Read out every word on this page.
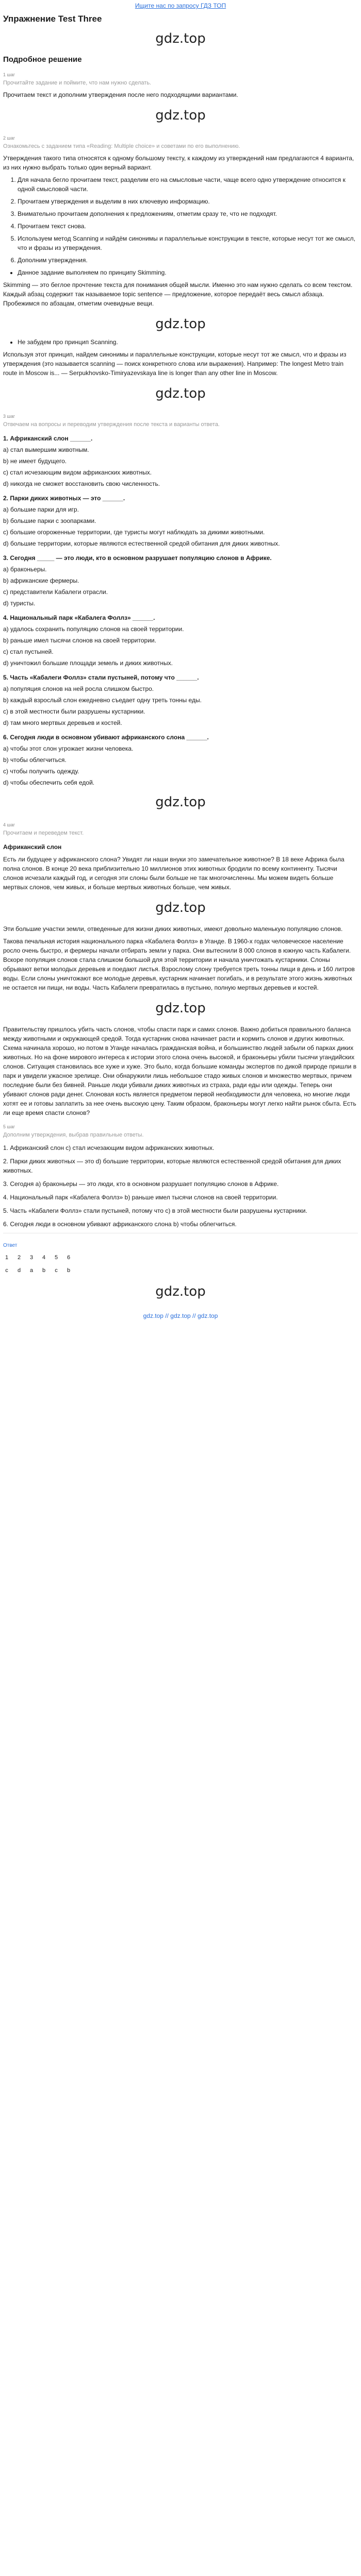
Ищите нас по запросу ГДЗ ТОП
Упражнение Test Three
gdz.top
Подробное решение
1 шаг
Прочитайте задание и поймите, что нам нужно сделать.

Прочитаем текст и дополним утверждения после него подходящими вариантами.

gdz.top
2 шаг
Ознакомьтесь с заданием типа «Reading: Multiple choice» и советами по его выполнению.

Утверждения такого типа относятся к одному большому тексту, к каждому из утверждений нам предлагаются 4 варианта, из них нужно выбрать только один верный вариант.

1. Для начала бегло прочитаем текст, разделим его на смысловые части, чаще всего одно утверждение относится к одной смысловой части.
2. Прочитаем утверждения и выделим в них ключевую информацию.
3. Внимательно прочитаем дополнения к предложениям, отметим сразу те, что не подходят.
4. Прочитаем текст снова.
5. Используем метод Scanning и найдём синонимы и параллельные конструкции в тексте, которые несут тот же смысл, что и фразы из утверждения.
6. Дополним утверждения.
• Данное задание выполняем по принципу Skimming.

Skimming — это беглое прочтение текста для понимания общей мысли. Именно это нам нужно сделать со всем текстом. Каждый абзац содержит так называемое topic sentence — предложение, которое передаёт весь смысл абзаца. Пробежимся по абзацам, отметим очевидные вещи.

gdz.top
• Не забудем про принцип Scanning.

Используя этот принцип, найдем синонимы и параллельные конструкции, которые несут тот же смысл, что и фразы из утверждения (это называется scanning — поиск конкретного слова или выражения). Например: The longest Metro train route in Moscow is... — Serpukhovsko-Timiryazevskaya line is longer than any other line in Moscow.

gdz.top
3 шаг
Отвечаем на вопросы и переводим утверждения после текста и варианты ответа.
1. Африканский слон ______.
a) стал вымершим животным.
b) не имеет будущего.
c) стал исчезающим видом африканских животных.
d) никогда не сможет восстановить свою численность.
2. Парки диких животных — это ______.
a) большие парки для игр.
b) большие парки с зоопарками.
c) большие огороженные территории, где туристы могут наблюдать за дикими животными.
d) большие территории, которые являются естественной средой обитания для диких животных.
3. Сегодня _____ — это люди, кто в основном разрушает популяцию слонов в Африке.
a) браконьеры.
b) африканские фермеры.
c) представители Кабалеги отрасли.
d) туристы.
4. Национальный парк «Кабалега Фоллз» ______.
a) удалось сохранить популяцию слонов на своей территории.
b) раньше имел тысячи слонов на своей территории.
c) стал пустыней.
d) уничтожил большие площади земель и диких животных.
5. Часть «Кабалеги Фоллз» стали пустыней, потому что ______.
a) популяция слонов на ней росла слишком быстро.
b) каждый взрослый слон ежедневно съедает одну треть тонны еды.
c) в этой местности были разрушены кустарники.
d) там много мертвых деревьев и костей.
6. Сегодня люди в основном убивают африканского слона ______.
a) чтобы этот слон угрожает жизни человека.
b) чтобы облегчиться.
c) чтобы получить одежду.
d) чтобы обеспечить себя едой.
gdz.top
4 шаг
Прочитаем и переведем текст.
Африканский слон

Есть ли будущее у африканского слона? Увидят ли наши внуки это замечательное животное? В 18 веке Африка была полна слонов. В конце 20 века приблизительно 10 миллионов этих животных бродили по всему континенту. Тысячи слонов исчезали каждый год, и сегодня эти слоны были больше не так многочисленны. Мы можем видеть больше мертвых слонов, чем живых, и больше мертвых животных больше, чем живых.

gdz.top

Эти большие участки земли, отведенные для жизни диких животных, имеют довольно маленькую популяцию слонов.

Такова печальная история национального парка «Кабалега Фоллз» в Уганде. В 1960-х годах человеческое население росло очень быстро, и фермеры начали отбирать земли у парка. Они вытеснили 8 000 слонов в южную часть Кабалеги. Вскоре популяция слонов стала слишком большой для этой территории и начала уничтожать кустарники. Слоны обрывают ветки молодых деревьев и поедают листья. Взрослому слону требуется треть тонны пищи в день и 160 литров воды. Если слоны уничтожают все молодые деревья, кустарник начинает погибать, и в результате этого жизнь животных не остается ни пищи, ни воды. Часть Кабалеги превратилась в пустыню, полную мертвых деревьев и костей.

gdz.top

Правительству пришлось убить часть слонов, чтобы спасти парк и самих слонов. Важно добиться правильного баланса между животными и окружающей средой. Тогда кустарник снова начинает расти и кормить слонов и других животных. Схема начинала хорошо, но потом в Уганде началась гражданская война, и большинство людей забыли об парках диких животных. Но на фоне мирового интереса к истории этого слона очень высокой, и браконьеры убили тысячи угандийских слонов. Ситуация становилась все хуже и хуже. Это было, когда большие команды экспертов по дикой природе пришли в парк и увидели ужасное зрелище. Они обнаружили лишь небольшое стадо живых слонов и множество мертвых, причем последние были без бивней. Раньше люди убивали диких животных из страха, ради еды или одежды. Теперь они убивают слонов ради денег. Слоновая кость является предметом первой необходимости для человека, но многие люди хотят ее и готовы заплатить за нее очень высокую цену. Таким образом, браконьеры могут легко найти рынок сбыта. Есть ли еще время спасти слонов?

5 шаг
Дополним утверждения, выбрав правильные ответы.

1. Африканский слон c) стал исчезающим видом африканских животных.

2. Парки диких животных — это d) большие территории, которые являются естественной средой обитания для диких животных.

3. Сегодня a) браконьеры — это люди, кто в основном разрушает популяцию слонов в Африке.

4. Национальный парк «Кабалега Фоллз» b) раньше имел тысячи слонов на своей территории.

5. Часть «Кабалеги Фоллз» стали пустыней, потому что c) в этой местности были разрушены кустарники.

6. Сегодня люди в основном убивают африканского слона b) чтобы облегчиться.

Ответ
1	2	3	4	5	6
c	d	a	b	c	b
gdz.top
gdz.top // gdz.top // gdz.top
